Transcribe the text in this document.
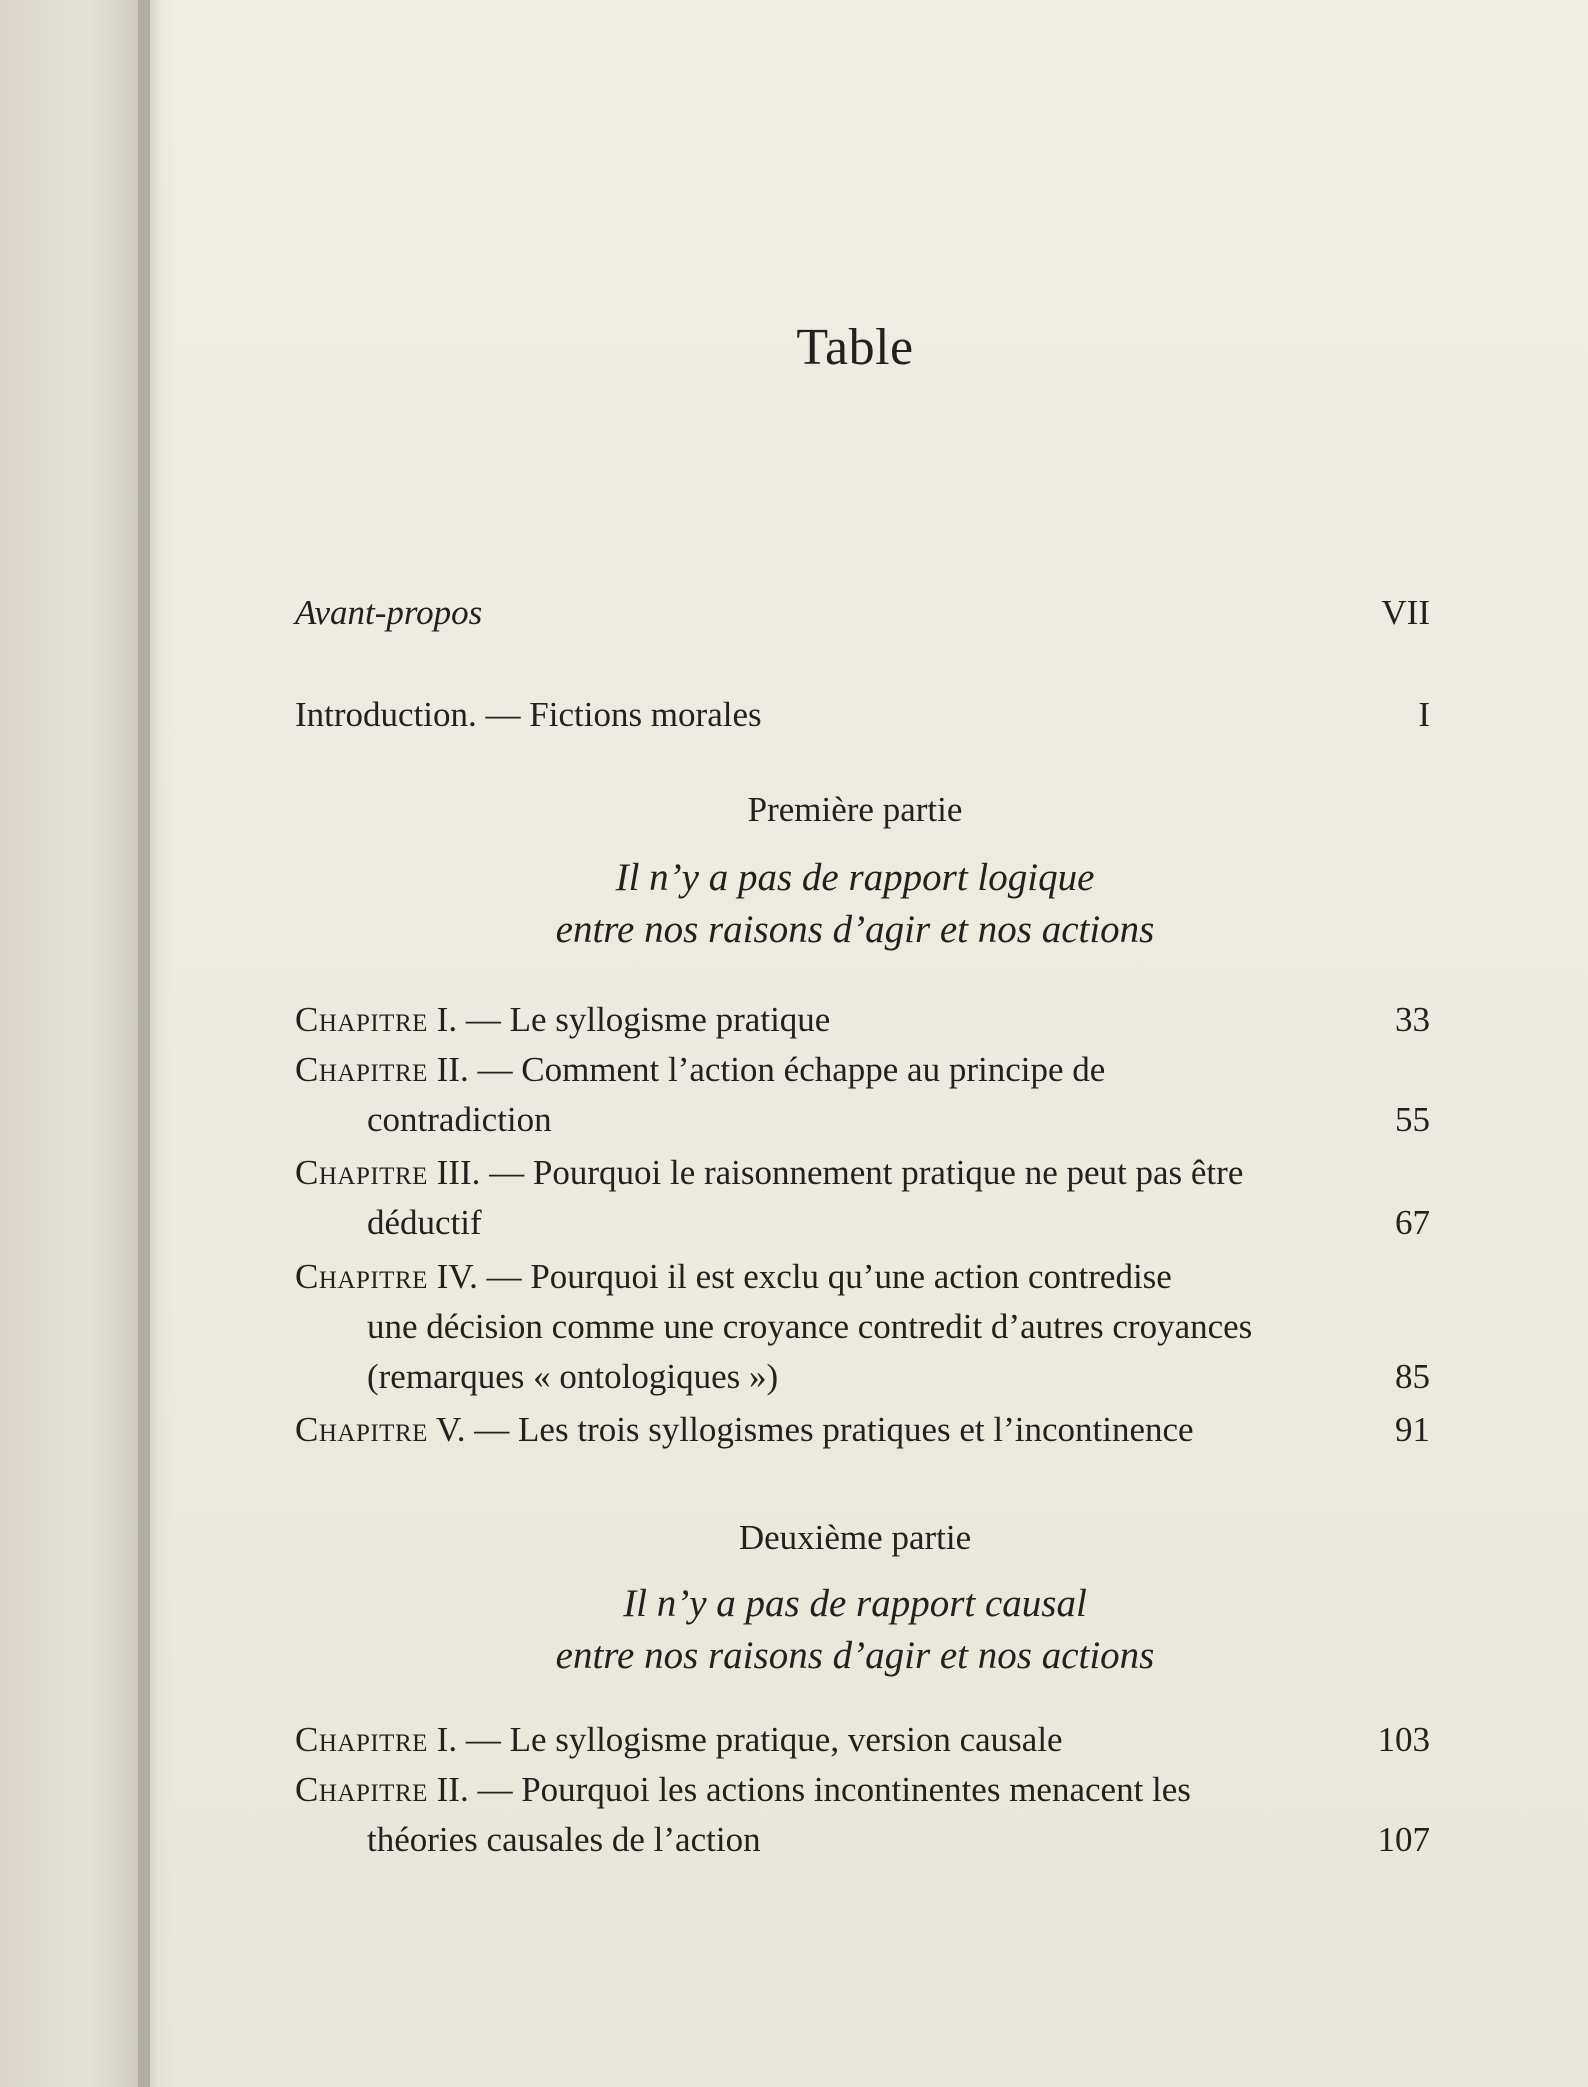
Table
Avant-propos	VII
Introduction. — Fictions morales	I
Première partie
Il n’y a pas de rapport logique
entre nos raisons d’agir et nos actions
Chapitre I. — Le syllogisme pratique	33
Chapitre II. — Comment l’action échappe au principe de
contradiction	55
Chapitre III. — Pourquoi le raisonnement pratique ne peut pas être
déductif	67
Chapitre IV. — Pourquoi il est exclu qu’une action contredise
une décision comme une croyance contredit d’autres croyances
(remarques « ontologiques »)	85
Chapitre V. — Les trois syllogismes pratiques et l’incontinence	91
Deuxième partie
Il n’y a pas de rapport causal
entre nos raisons d’agir et nos actions
Chapitre I. — Le syllogisme pratique, version causale	103
Chapitre II. — Pourquoi les actions incontinentes menacent les
théories causales de l’action	107
